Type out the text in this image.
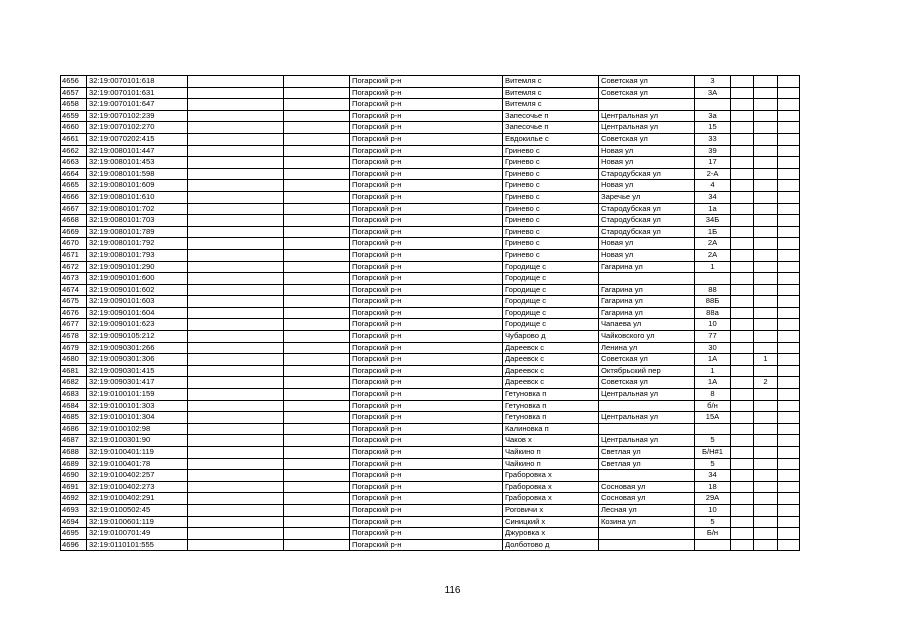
4656	32:19:0070101:618			Погарский р-н	Витемля с	Советская ул	3			
4657	32:19:0070101:631			Погарский р-н	Витемля с	Советская ул	3А			
4658	32:19:0070101:647			Погарский р-н	Витемля с					
4659	32:19:0070102:239			Погарский р-н	Запесочье п	Центральная ул	3а			
4660	32:19:0070102:270			Погарский р-н	Запесочье п	Центральная ул	15			
4661	32:19:0070202:415			Погарский р-н	Евдокилье с	Советская ул	33			
4662	32:19:0080101:447			Погарский р-н	Гринево с	Новая ул	39			
4663	32:19:0080101:453			Погарский р-н	Гринево с	Новая ул	17			
4664	32:19:0080101:598			Погарский р-н	Гринево с	Стародубская ул	2-А			
4665	32:19:0080101:609			Погарский р-н	Гринево с	Новая ул	4			
4666	32:19:0080101:610			Погарский р-н	Гринево с	Заречье ул	34			
4667	32:19:0080101:702			Погарский р-н	Гринево с	Стародубская ул	1а			
4668	32:19:0080101:703			Погарский р-н	Гринево с	Стародубская ул	34Б			
4669	32:19:0080101:789			Погарский р-н	Гринево с	Стародубская ул	1Б			
4670	32:19:0080101:792			Погарский р-н	Гринево с	Новая ул	2А			
4671	32:19:0080101:793			Погарский р-н	Гринево с	Новая ул	2А			
4672	32:19:0090101:290			Погарский р-н	Городище с	Гагарина ул	1			
4673	32:19:0090101:600			Погарский р-н	Городище с					
4674	32:19:0090101:602			Погарский р-н	Городище с	Гагарина ул	88			
4675	32:19:0090101:603			Погарский р-н	Городище с	Гагарина ул	88Б			
4676	32:19:0090101:604			Погарский р-н	Городище с	Гагарина ул	88а			
4677	32:19:0090101:623			Погарский р-н	Городище с	Чапаева ул	10			
4678	32:19:0090105:212			Погарский р-н	Чубарово д	Чайковского ул	77			
4679	32:19:0090301:266			Погарский р-н	Дареевск с	Ленина ул	30			
4680	32:19:0090301:306			Погарский р-н	Дареевск с	Советская ул	1А		1	
4681	32:19:0090301:415			Погарский р-н	Дареевск с	Октябрьский пер	1			
4682	32:19:0090301:417			Погарский р-н	Дареевск с	Советская ул	1А		2	
4683	32:19:0100101:159			Погарский р-н	Гетуновка п	Центральная ул	8			
4684	32:19:0100101:303			Погарский р-н	Гетуновка п		б/н			
4685	32:19:0100101:304			Погарский р-н	Гетуновка п	Центральная ул	15А			
4686	32:19:0100102:98			Погарский р-н	Калиновка п					
4687	32:19:0100301:90			Погарский р-н	Чаков х	Центральная ул	5			
4688	32:19:0100401:119			Погарский р-н	Чайкино п	Светлая ул	Б/Н#1			
4689	32:19:0100401:78			Погарский р-н	Чайкино п	Светлая ул	5			
4690	32:19:0100402:257			Погарский р-н	Граборовка х		34			
4691	32:19:0100402:273			Погарский р-н	Граборовка х	Сосновая ул	18			
4692	32:19:0100402:291			Погарский р-н	Граборовка х	Сосновая ул	29А			
4693	32:19:0100502:45			Погарский р-н	Роговичи х	Лесная ул	10			
4694	32:19:0100601:119			Погарский р-н	Синицкий х	Козина ул	5			
4695	32:19:0100701:49			Погарский р-н	Джуровка х		Б/н			
4696	32:19:0110101:555			Погарский р-н	Долботово д					
116
